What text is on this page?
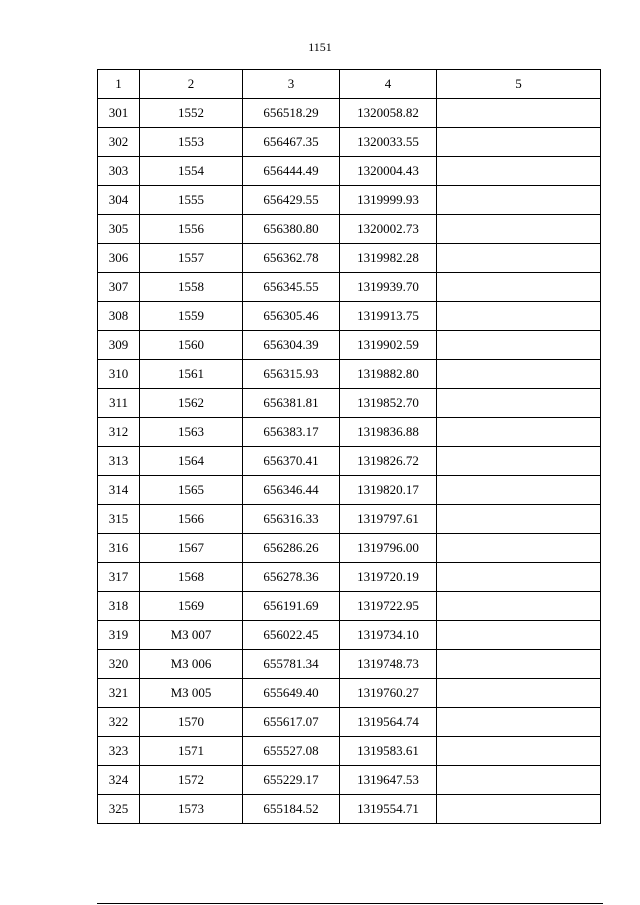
1151
1	2	3	4	5
301	1552	656518.29	1320058.82	
302	1553	656467.35	1320033.55	
303	1554	656444.49	1320004.43	
304	1555	656429.55	1319999.93	
305	1556	656380.80	1320002.73	
306	1557	656362.78	1319982.28	
307	1558	656345.55	1319939.70	
308	1559	656305.46	1319913.75	
309	1560	656304.39	1319902.59	
310	1561	656315.93	1319882.80	
311	1562	656381.81	1319852.70	
312	1563	656383.17	1319836.88	
313	1564	656370.41	1319826.72	
314	1565	656346.44	1319820.17	
315	1566	656316.33	1319797.61	
316	1567	656286.26	1319796.00	
317	1568	656278.36	1319720.19	
318	1569	656191.69	1319722.95	
319	МЗ 007	656022.45	1319734.10	
320	МЗ 006	655781.34	1319748.73	
321	МЗ 005	655649.40	1319760.27	
322	1570	655617.07	1319564.74	
323	1571	655527.08	1319583.61	
324	1572	655229.17	1319647.53	
325	1573	655184.52	1319554.71	
